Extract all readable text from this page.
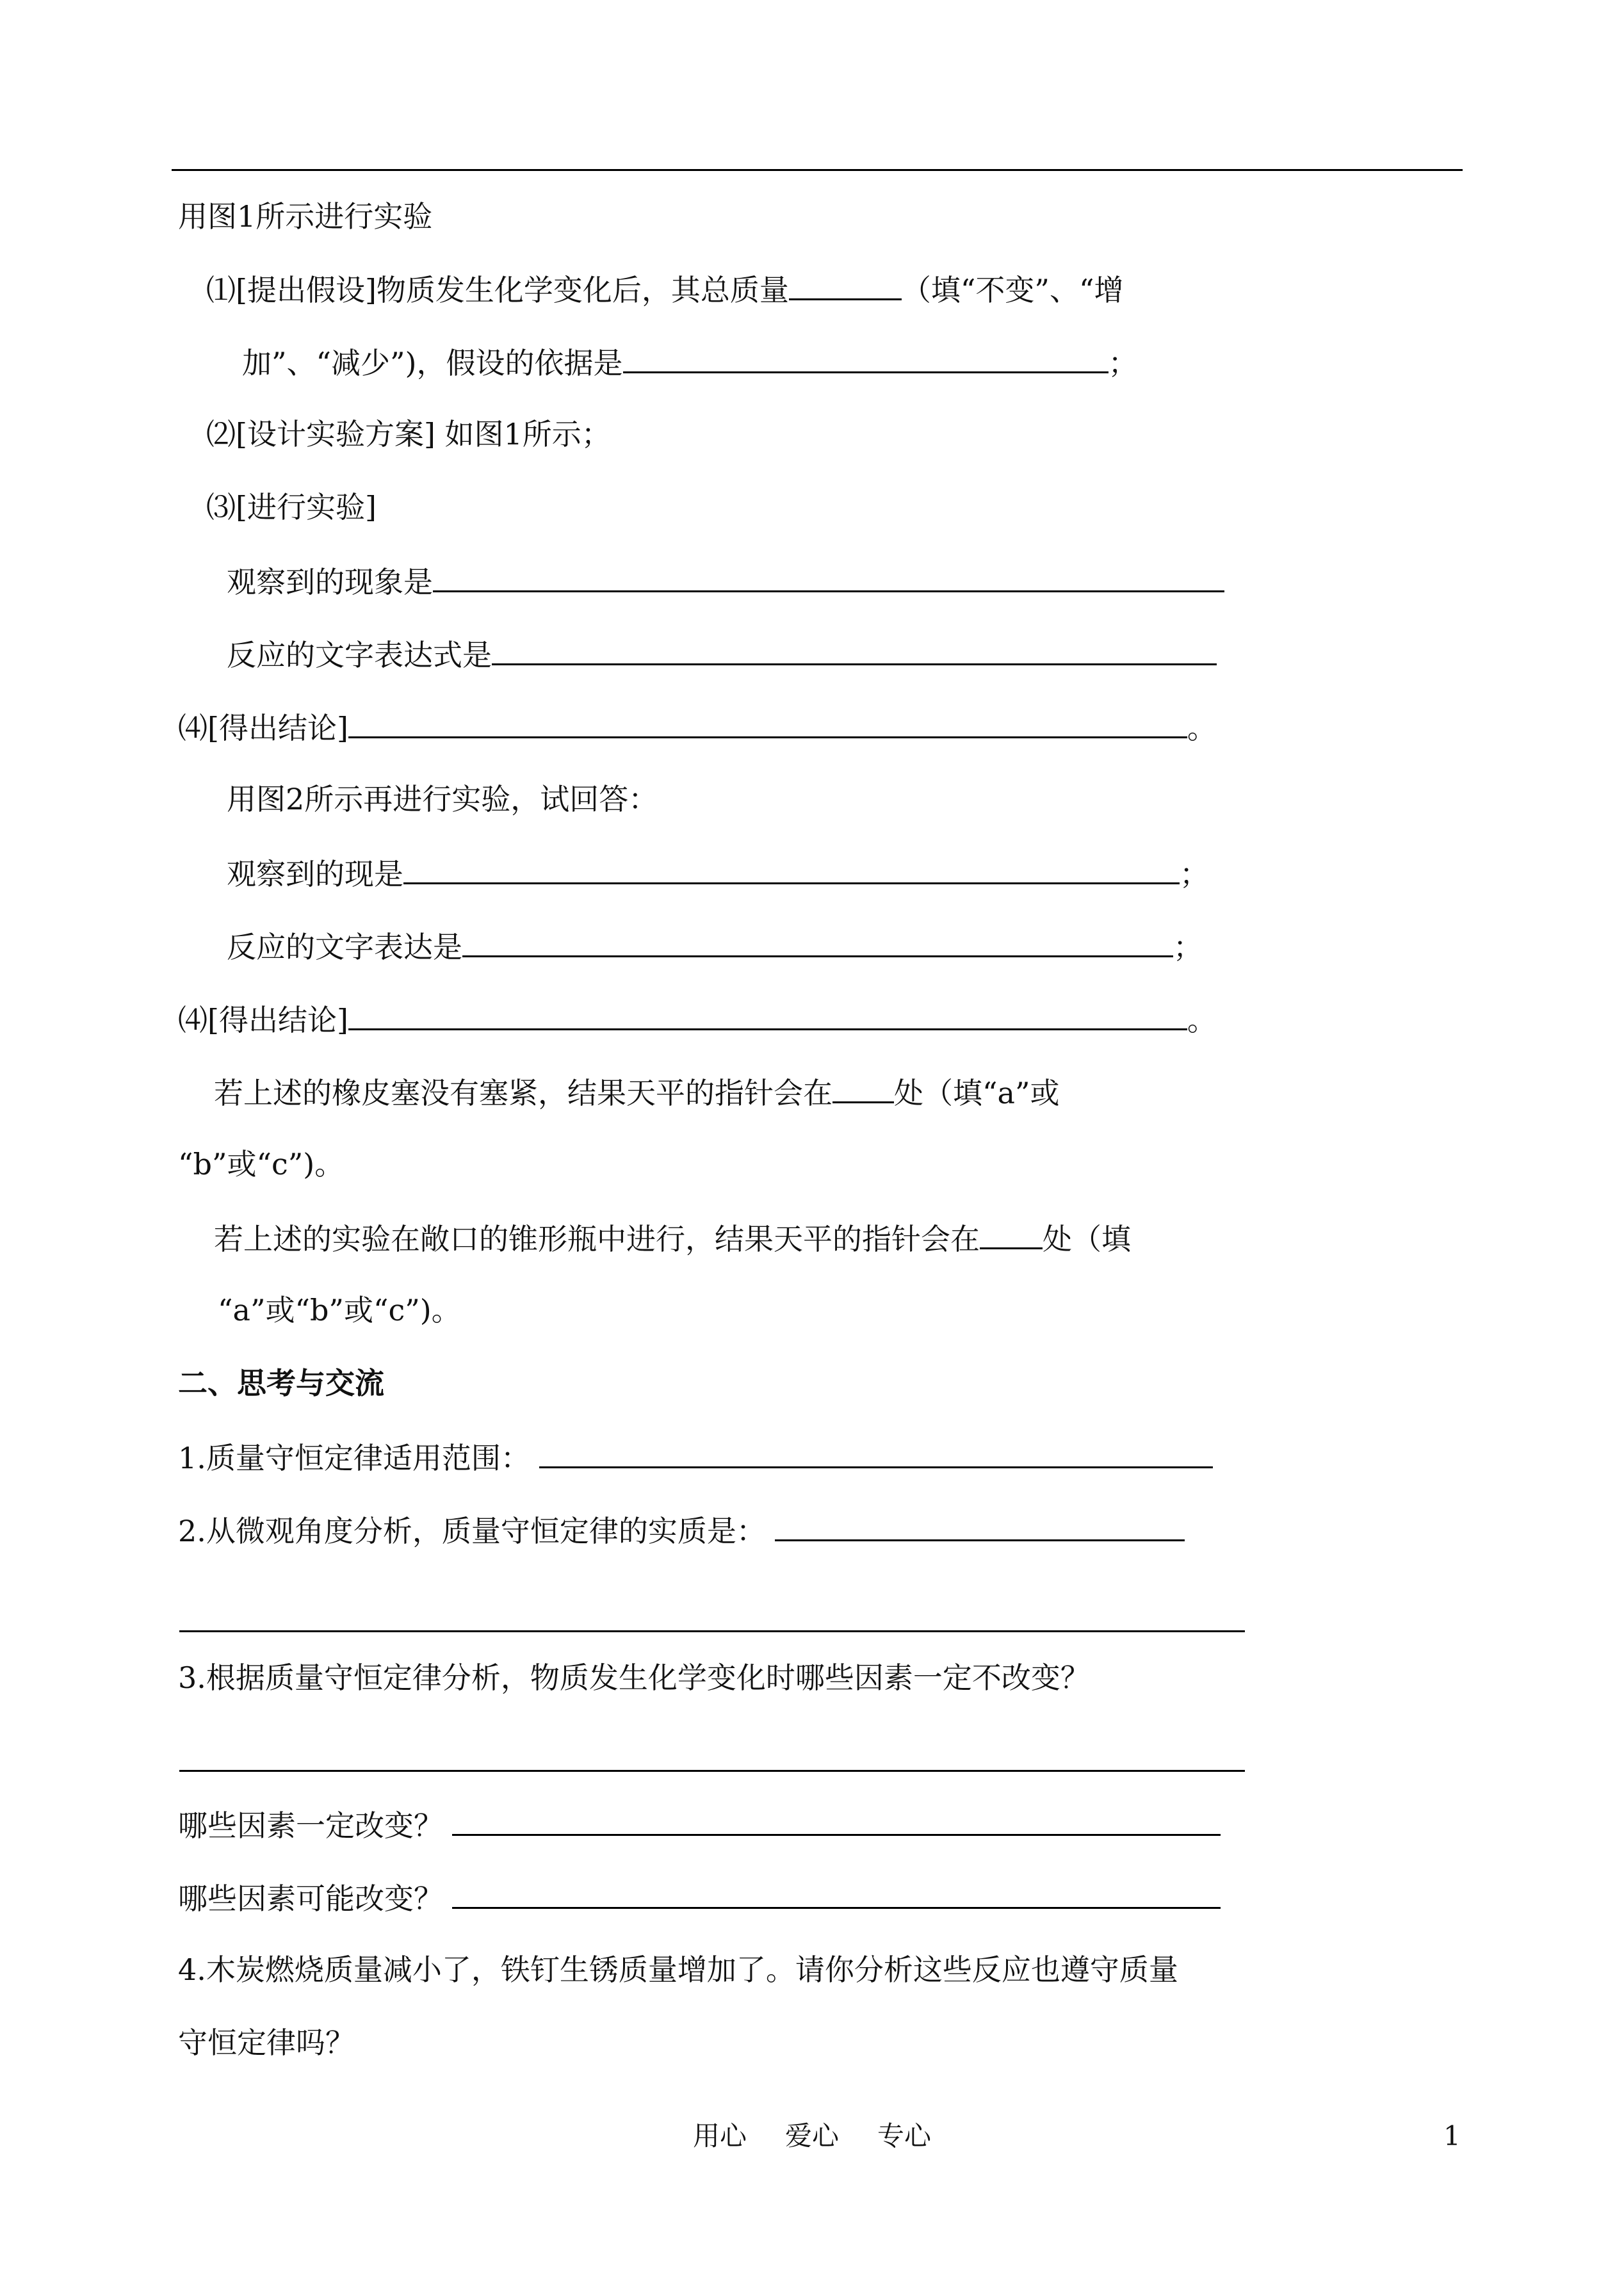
用图1所示进行实验
⑴[提出假设]物质发生化学变化后，其总质量	（填“不变”、“增
加”、“减少”)，假设的依据是	；
⑵[设计实验方案] 如图1所示；
⑶[进行实验]
观察到的现象是
反应的文字表达式是
⑷[得出结论]	。
用图2所示再进行实验，试回答：
观察到的现是	；
反应的文字表达是	；
⑷[得出结论]	。
若上述的橡皮塞没有塞紧，结果天平的指针会在 处（填“a”或
“b”或“c”)。
若上述的实验在敞口的锥形瓶中进行，结果天平的指针会在 处（填
“a”或“b”或“c”)。
二、思考与交流
1.质量守恒定律适用范围：
2.从微观角度分析，质量守恒定律的实质是：
3.根据质量守恒定律分析，物质发生化学变化时哪些因素一定不改变？
哪些因素一定改变？
哪些因素可能改变？
4.木炭燃烧质量减小了，铁钉生锈质量增加了。请你分析这些反应也遵守质量
守恒定律吗？
用心 爱心 专心	1
